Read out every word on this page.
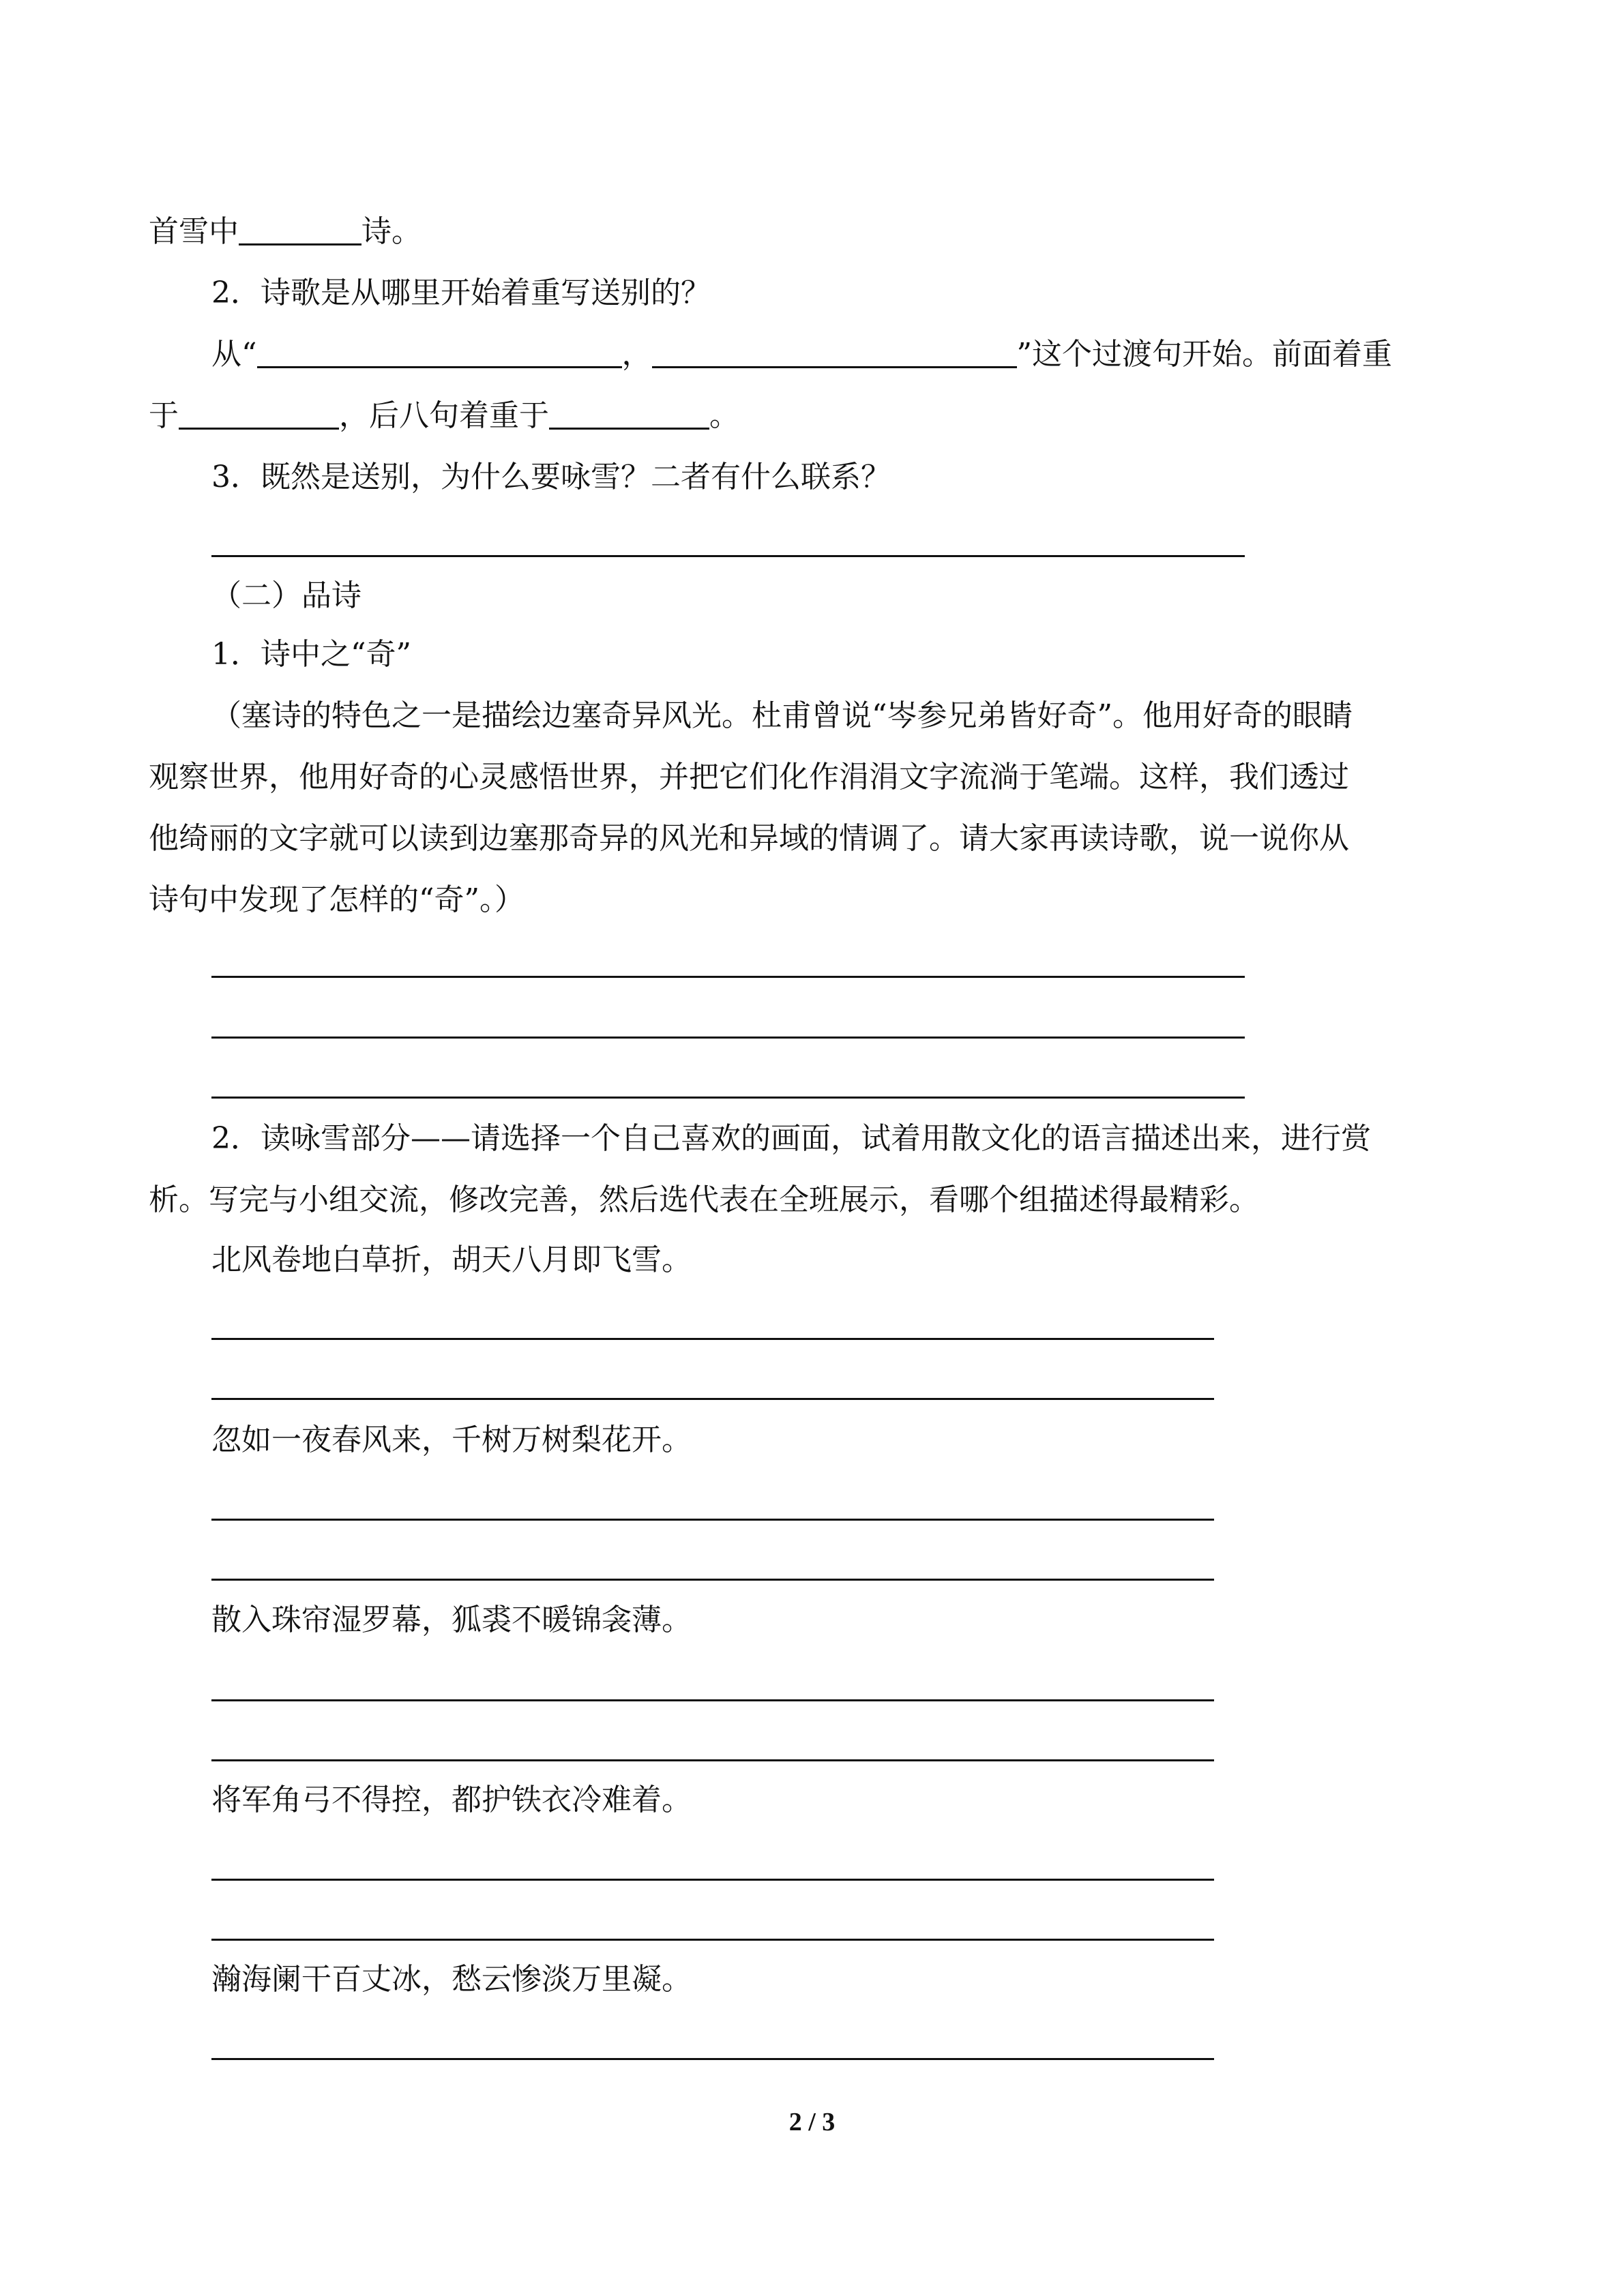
首雪中	诗。
2．诗歌是从哪里开始着重写送别的？
从“	，	”这个过渡句开始。前面着重
于	，后八句着重于	。
3．既然是送别，为什么要咏雪？二者有什么联系？
（二）品诗
1．诗中之“奇”
（塞诗的特色之一是描绘边塞奇异风光。杜甫曾说“岑参兄弟皆好奇”。他用好奇的眼睛
观察世界，他用好奇的心灵感悟世界，并把它们化作涓涓文字流淌于笔端。这样，我们透过
他绮丽的文字就可以读到边塞那奇异的风光和异域的情调了。请大家再读诗歌，说一说你从
诗句中发现了怎样的“奇”。）
2．读咏雪部分——请选择一个自己喜欢的画面，试着用散文化的语言描述出来，进行赏
析。写完与小组交流，修改完善，然后选代表在全班展示，看哪个组描述得最精彩。
北风卷地白草折，胡天八月即飞雪。
忽如一夜春风来，千树万树梨花开。
散入珠帘湿罗幕，狐裘不暖锦衾薄。
将军角弓不得控，都护铁衣冷难着。
瀚海阑干百丈冰，愁云惨淡万里凝。
2 / 3
